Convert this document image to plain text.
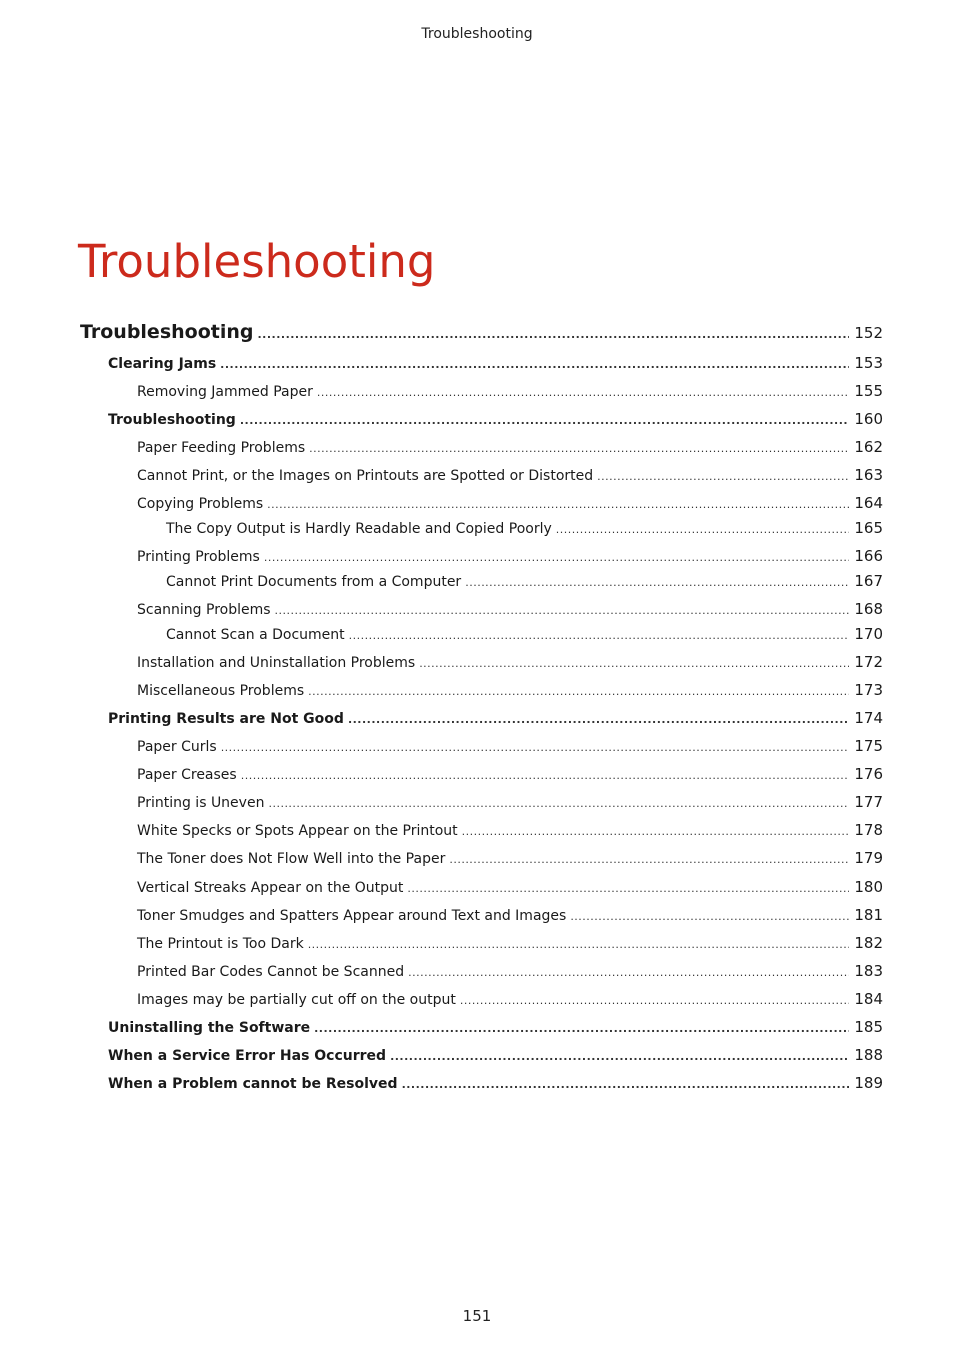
Troubleshooting
Troubleshooting
Troubleshooting .....	152
Clearing Jams .....	153
Removing Jammed Paper .....	155
Troubleshooting .....	160
Paper Feeding Problems .....	162
Cannot Print, or the Images on Printouts are Spotted or Distorted .....	163
Copying Problems .....	164
The Copy Output is Hardly Readable and Copied Poorly .....	165
Printing Problems .....	166
Cannot Print Documents from a Computer .....	167
Scanning Problems .....	168
Cannot Scan a Document .....	170
Installation and Uninstallation Problems .....	172
Miscellaneous Problems .....	173
Printing Results are Not Good .....	174
Paper Curls .....	175
Paper Creases .....	176
Printing is Uneven .....	177
White Specks or Spots Appear on the Printout .....	178
The Toner does Not Flow Well into the Paper .....	179
Vertical Streaks Appear on the Output .....	180
Toner Smudges and Spatters Appear around Text and Images .....	181
The Printout is Too Dark .....	182
Printed Bar Codes Cannot be Scanned .....	183
Images may be partially cut off on the output .....	184
Uninstalling the Software .....	185
When a Service Error Has Occurred .....	188
When a Problem cannot be Resolved .....	189
151
